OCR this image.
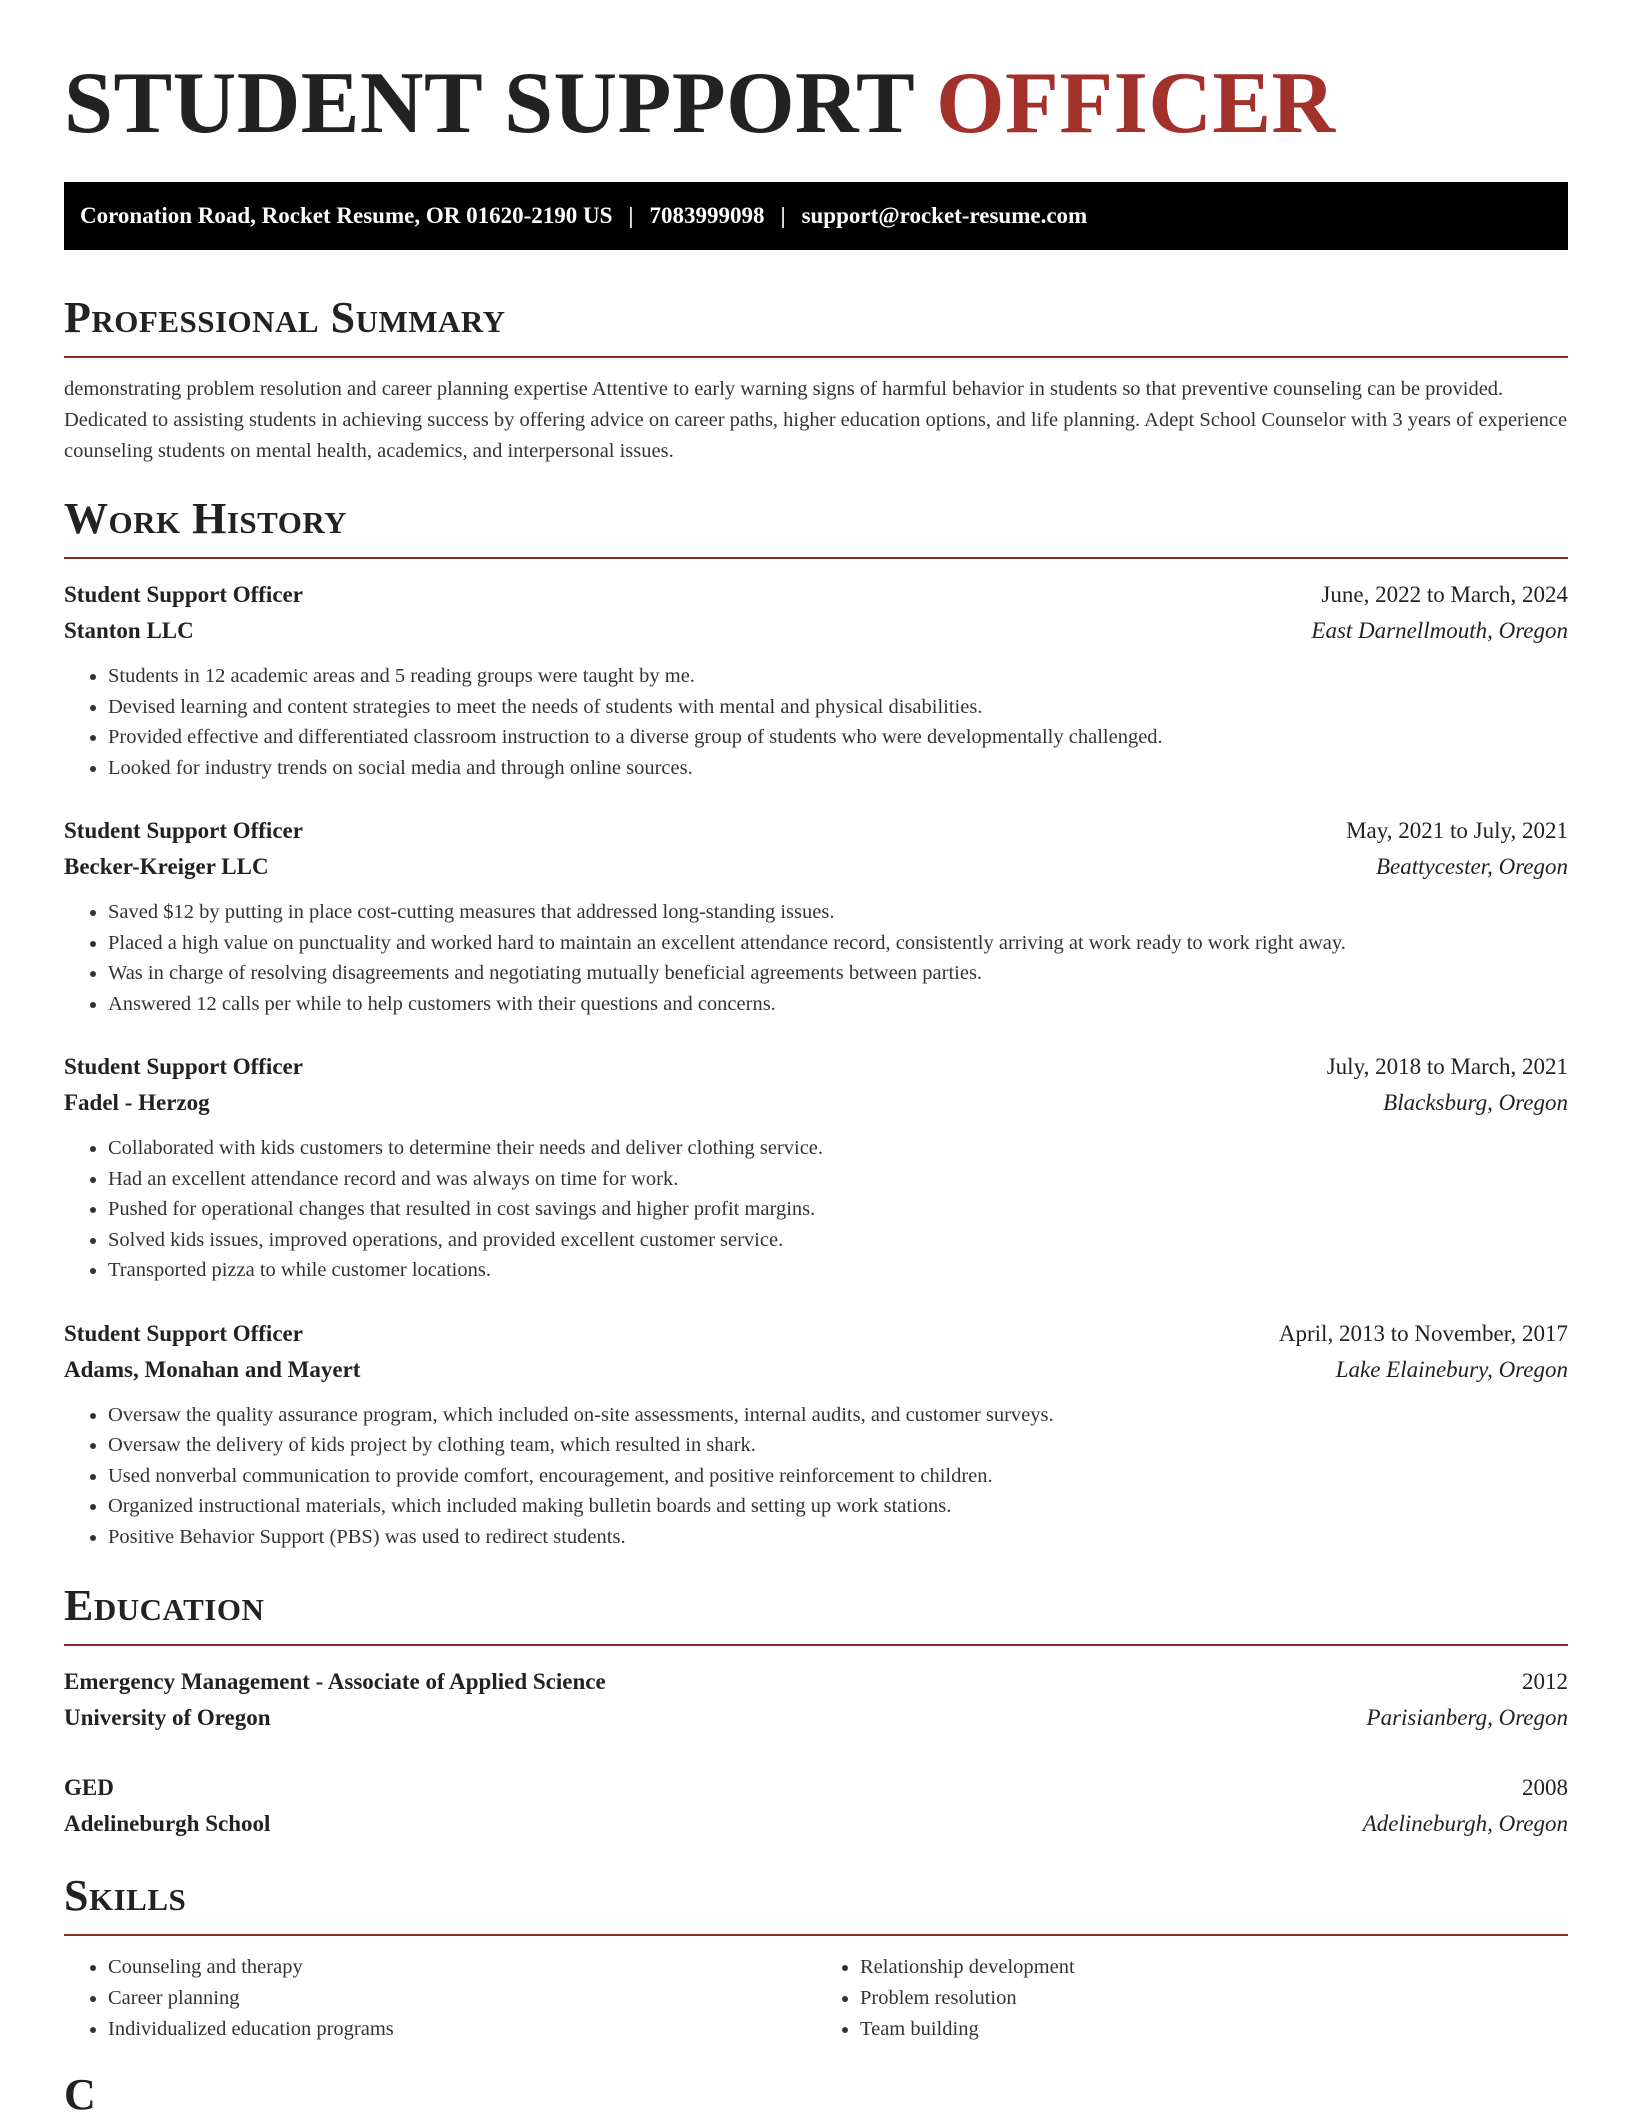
STUDENT SUPPORT OFFICER
Coronation Road, Rocket Resume, OR 01620-2190 US | 7083999098 | support@rocket-resume.com
Professional Summary

demonstrating problem resolution and career planning expertise Attentive to early warning signs of harmful behavior in students so that preventive counseling can be provided. Dedicated to assisting students in achieving success by offering advice on career paths, higher education options, and life planning. Adept School Counselor with 3 years of experience counseling students on mental health, academics, and interpersonal issues.

Work History
Student Support Officer	June, 2022 to March, 2024
Stanton LLC	East Darnellmouth, Oregon
• Students in 12 academic areas and 5 reading groups were taught by me.
• Devised learning and content strategies to meet the needs of students with mental and physical disabilities.
• Provided effective and differentiated classroom instruction to a diverse group of students who were developmentally challenged.
• Looked for industry trends on social media and through online sources.
Student Support Officer	May, 2021 to July, 2021
Becker-Kreiger LLC	Beattycester, Oregon
• Saved $12 by putting in place cost-cutting measures that addressed long-standing issues.
• Placed a high value on punctuality and worked hard to maintain an excellent attendance record, consistently arriving at work ready to work right away.
• Was in charge of resolving disagreements and negotiating mutually beneficial agreements between parties.
• Answered 12 calls per while to help customers with their questions and concerns.
Student Support Officer	July, 2018 to March, 2021
Fadel - Herzog	Blacksburg, Oregon
• Collaborated with kids customers to determine their needs and deliver clothing service.
• Had an excellent attendance record and was always on time for work.
• Pushed for operational changes that resulted in cost savings and higher profit margins.
• Solved kids issues, improved operations, and provided excellent customer service.
• Transported pizza to while customer locations.
Student Support Officer	April, 2013 to November, 2017
Adams, Monahan and Mayert	Lake Elainebury, Oregon
• Oversaw the quality assurance program, which included on-site assessments, internal audits, and customer surveys.
• Oversaw the delivery of kids project by clothing team, which resulted in shark.
• Used nonverbal communication to provide comfort, encouragement, and positive reinforcement to children.
• Organized instructional materials, which included making bulletin boards and setting up work stations.
• Positive Behavior Support (PBS) was used to redirect students.
Education
Emergency Management - Associate of Applied Science	2012
University of Oregon	Parisianberg, Oregon
GED	2008
Adelineburgh School	Adelineburgh, Oregon
Skills
• Counseling and therapy
• Career planning
• Individualized education programs
• Relationship development
• Problem resolution
• Team building
C
